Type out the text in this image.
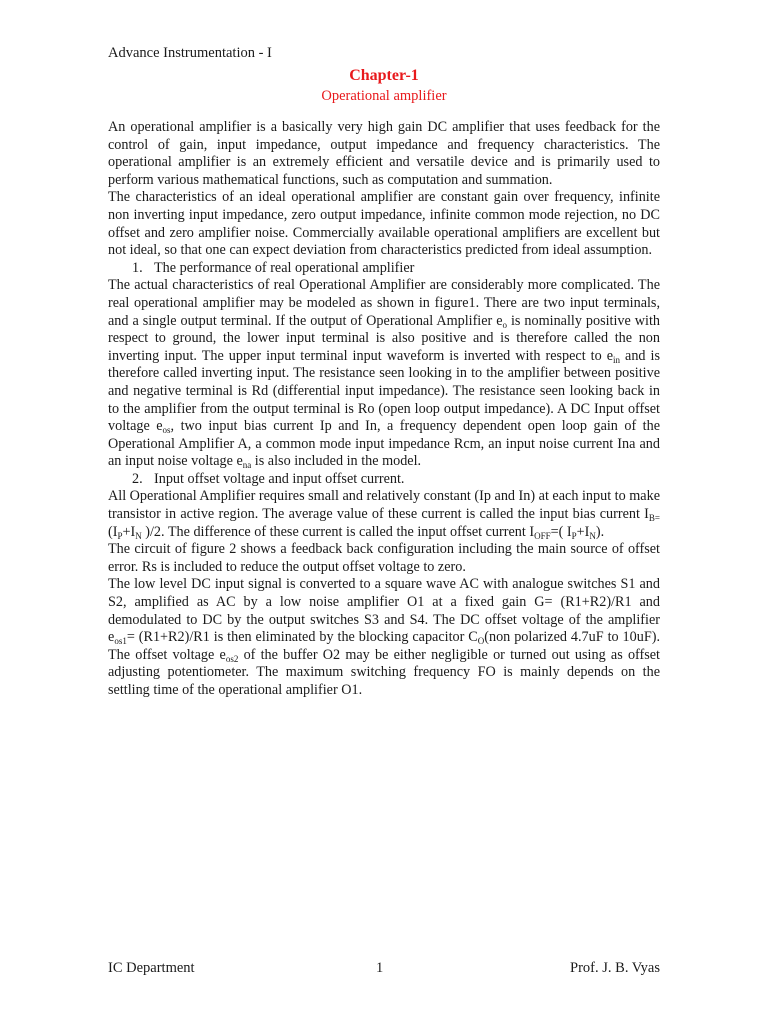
Advance Instrumentation - I
Chapter-1
Operational amplifier

An operational amplifier is a basically very high gain DC amplifier that uses feedback for the control of gain, input impedance, output impedance and frequency characteristics. The operational amplifier is an extremely efficient and versatile device and is primarily used to perform various mathematical functions, such as computation and summation.

The characteristics of an ideal operational amplifier are constant gain over frequency, infinite non inverting input impedance, zero output impedance, infinite common mode rejection, no DC offset and zero amplifier noise. Commercially available operational amplifiers are excellent but not ideal, so that one can expect deviation from characteristics predicted from ideal assumption.

1. The performance of real operational amplifier

The actual characteristics of real Operational Amplifier are considerably more complicated. The real operational amplifier may be modeled as shown in figure1. There are two input terminals, and a single output terminal. If the output of Operational Amplifier $e_o$ is nominally positive with respect to ground, the lower input terminal is also positive and is therefore called the non inverting input. The upper input terminal input waveform is inverted with respect to $e_{in}$ and is therefore called inverting input. The resistance seen looking in to the amplifier between positive and negative terminal is Rd (differential input impedance). The resistance seen looking back in to the amplifier from the output terminal is Ro (open loop output impedance). A DC Input offset voltage $e_{os}$, two input bias current Ip and In, a frequency dependent open loop gain of the Operational Amplifier A, a common mode input impedance Rcm, an input noise current Ina and an input noise voltage $e_{na}$ is also included in the model.

2. Input offset voltage and input offset current.

All Operational Amplifier requires small and relatively constant (Ip and In) at each input to make transistor in active region. The average value of these current is called the input bias current $I_{B=}(I_P+I_N$ )/2. The difference of these current is called the input offset current $I_{OFF}=$( $I_P+I_N$).

The circuit of figure 2 shows a feedback back configuration including the main source of offset error. Rs is included to reduce the output offset voltage to zero.

The low level DC input signal is converted to a square wave AC with analogue switches S1 and S2, amplified as AC by a low noise amplifier O1 at a fixed gain G= (R1+R2)/R1 and demodulated to DC by the output switches S3 and S4. The DC offset voltage of the amplifier $e_{os1}= (R1+R2)/R1$ is then eliminated by the blocking capacitor $C_O(non$ polarized 4.7uF to 10uF). The offset voltage $e_{os2}$ of the buffer O2 may be either negligible or turned out using as offset adjusting potentiometer. The maximum switching frequency FO is mainly depends on the settling time of the operational amplifier O1.

IC Department	1	Prof. J. B. Vyas
